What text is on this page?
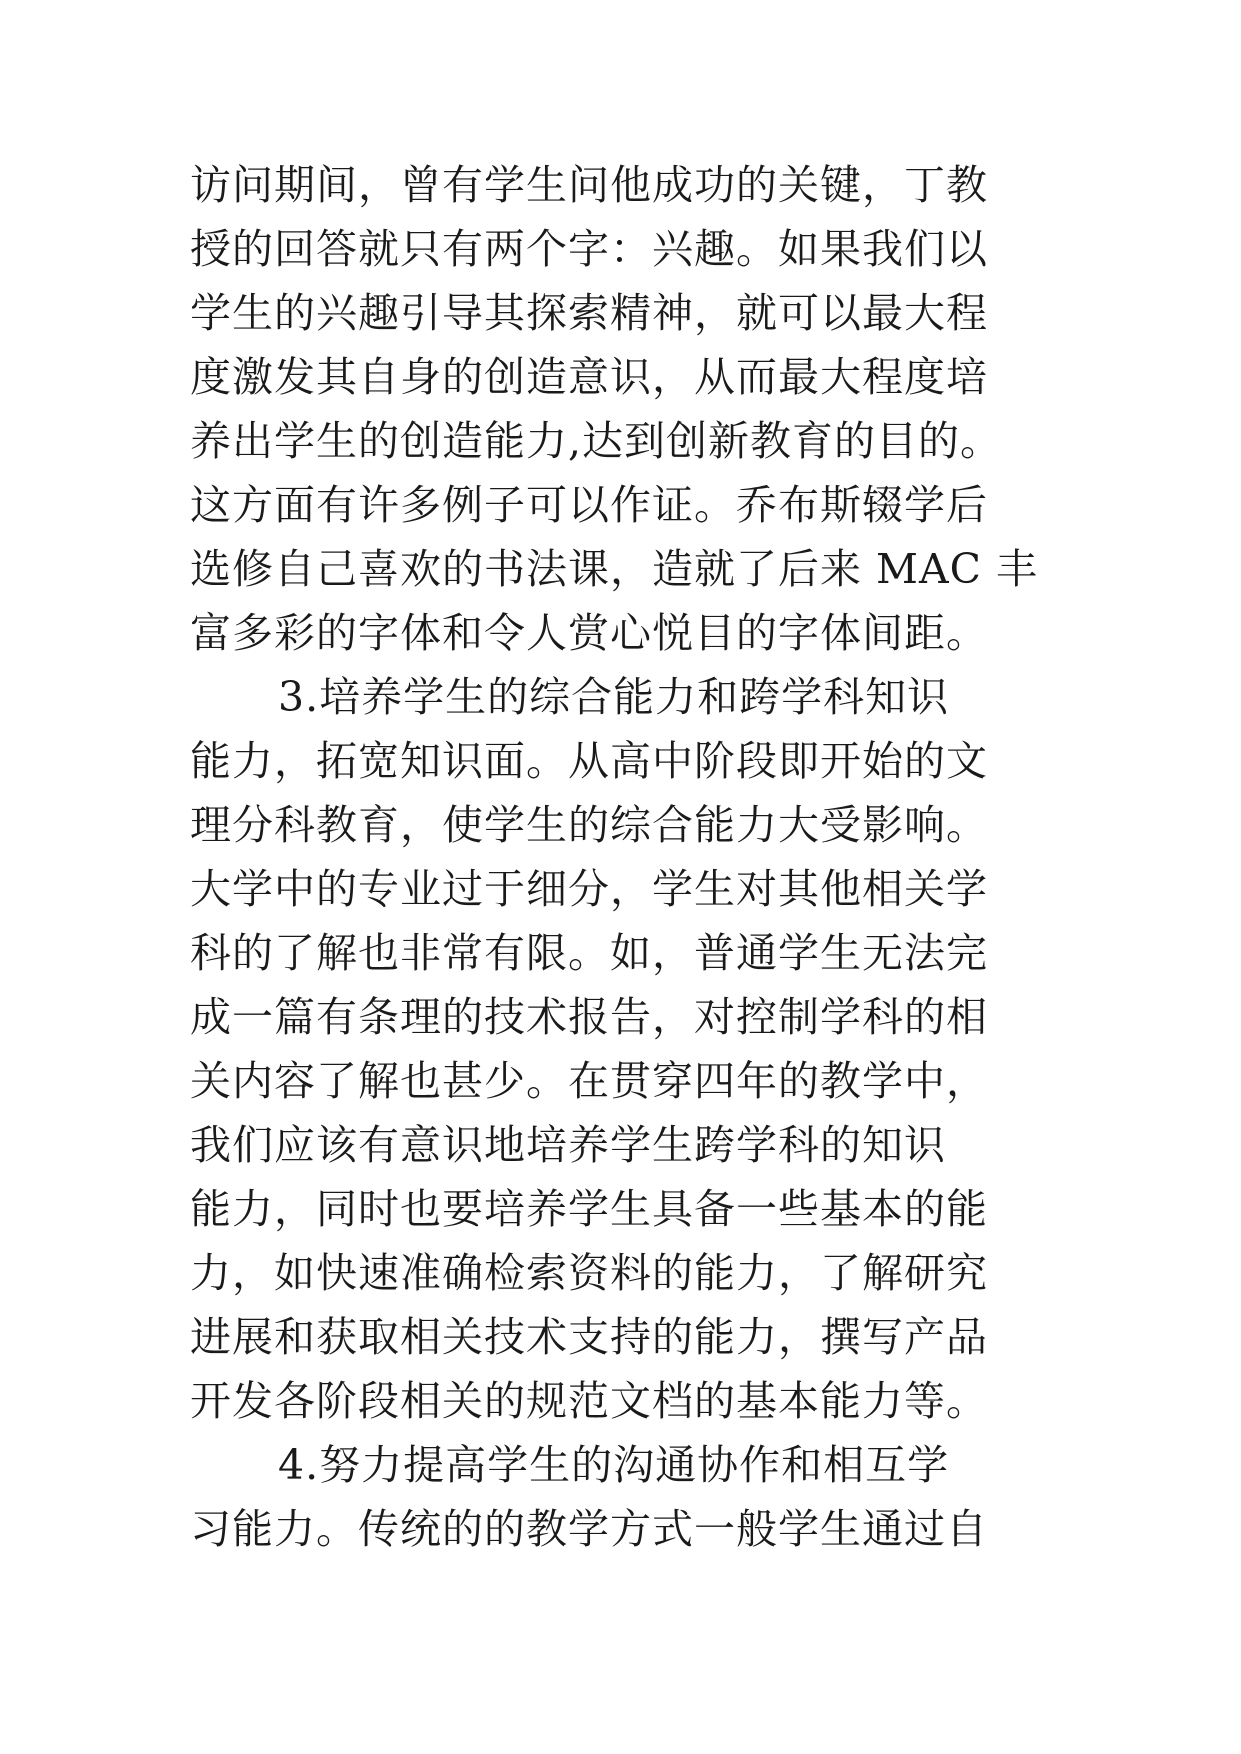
访问期间，曾有学生问他成功的关键，丁教
授的回答就只有两个字：兴趣。如果我们以
学生的兴趣引导其探索精神，就可以最大程
度激发其自身的创造意识，从而最大程度培
养出学生的创造能力,达到创新教育的目的。
这方面有许多例子可以作证。乔布斯辍学后
选修自己喜欢的书法课，造就了后来 MAC 丰
富多彩的字体和令人赏心悦目的字体间距。
3.培养学生的综合能力和跨学科知识
能力，拓宽知识面。从高中阶段即开始的文
理分科教育，使学生的综合能力大受影响。
大学中的专业过于细分，学生对其他相关学
科的了解也非常有限。如，普通学生无法完
成一篇有条理的技术报告，对控制学科的相
关内容了解也甚少。在贯穿四年的教学中，
我们应该有意识地培养学生跨学科的知识
能力，同时也要培养学生具备一些基本的能
力，如快速准确检索资料的能力，了解研究
进展和获取相关技术支持的能力，撰写产品
开发各阶段相关的规范文档的基本能力等。
4.努力提高学生的沟通协作和相互学
习能力。传统的的教学方式一般学生通过自
